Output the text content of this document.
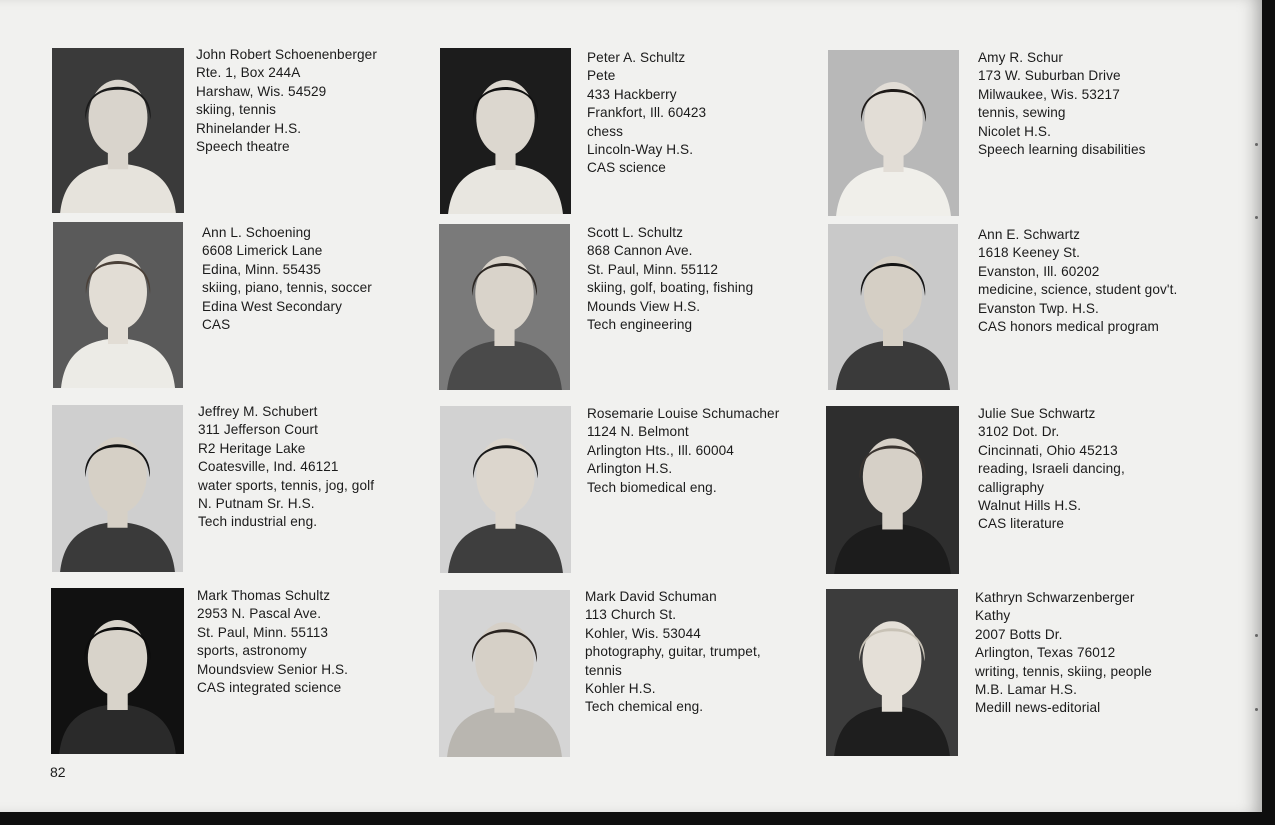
John Robert Schoenenberger
Rte. 1, Box 244A
Harshaw, Wis. 54529
skiing, tennis
Rhinelander H.S.
Speech theatre
Ann L. Schoening
6608 Limerick Lane
Edina, Minn. 55435
skiing, piano, tennis, soccer
Edina West Secondary
CAS
Jeffrey M. Schubert
311 Jefferson Court
R2 Heritage Lake
Coatesville, Ind. 46121
water sports, tennis, jog, golf
N. Putnam Sr. H.S.
Tech industrial eng.
Mark Thomas Schultz
2953 N. Pascal Ave.
St. Paul, Minn. 55113
sports, astronomy
Moundsview Senior H.S.
CAS integrated science
Peter A. Schultz
Pete
433 Hackberry
Frankfort, Ill. 60423
chess
Lincoln-Way H.S.
CAS science
Scott L. Schultz
868 Cannon Ave.
St. Paul, Minn. 55112
skiing, golf, boating, fishing
Mounds View H.S.
Tech engineering
Rosemarie Louise Schumacher
1124 N. Belmont
Arlington Hts., Ill. 60004
Arlington H.S.
Tech biomedical eng.
Mark David Schuman
113 Church St.
Kohler, Wis. 53044
photography, guitar, trumpet,
tennis
Kohler H.S.
Tech chemical eng.
Amy R. Schur
173 W. Suburban Drive
Milwaukee, Wis. 53217
tennis, sewing
Nicolet H.S.
Speech learning disabilities
Ann E. Schwartz
1618 Keeney St.
Evanston, Ill. 60202
medicine, science, student gov't.
Evanston Twp. H.S.
CAS honors medical program
Julie Sue Schwartz
3102 Dot. Dr.
Cincinnati, Ohio 45213
reading, Israeli dancing,
calligraphy
Walnut Hills H.S.
CAS literature
Kathryn Schwarzenberger
Kathy
2007 Botts Dr.
Arlington, Texas 76012
writing, tennis, skiing, people
M.B. Lamar H.S.
Medill news-editorial
82
